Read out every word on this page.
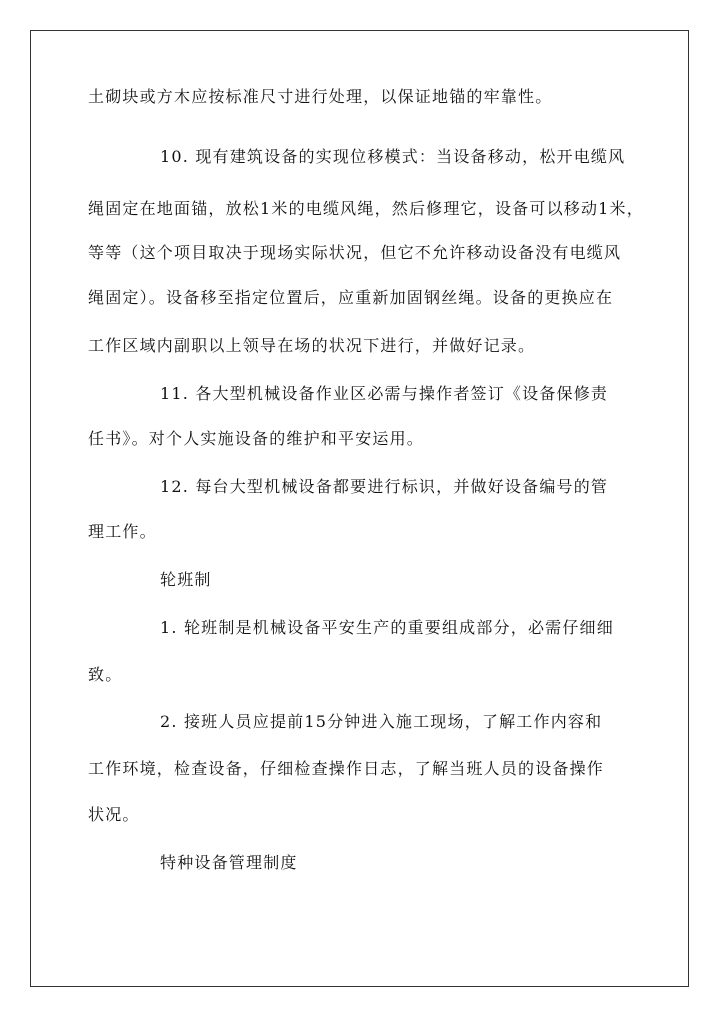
土砌块或方木应按标准尺寸进行处理，以保证地锚的牢靠性。
10. 现有建筑设备的实现位移模式：当设备移动，松开电缆风
绳固定在地面锚，放松1米的电缆风绳，然后修理它，设备可以移动1米，
等等（这个项目取决于现场实际状况，但它不允许移动设备没有电缆风
绳固定）。设备移至指定位置后，应重新加固钢丝绳。设备的更换应在
工作区域内副职以上领导在场的状况下进行，并做好记录。
11. 各大型机械设备作业区必需与操作者签订《设备保修责
任书》。对个人实施设备的维护和平安运用。
12. 每台大型机械设备都要进行标识，并做好设备编号的管
理工作。
轮班制
1. 轮班制是机械设备平安生产的重要组成部分，必需仔细细
致。
2. 接班人员应提前15分钟进入施工现场，了解工作内容和
工作环境，检查设备，仔细检查操作日志，了解当班人员的设备操作
状况。
特种设备管理制度
